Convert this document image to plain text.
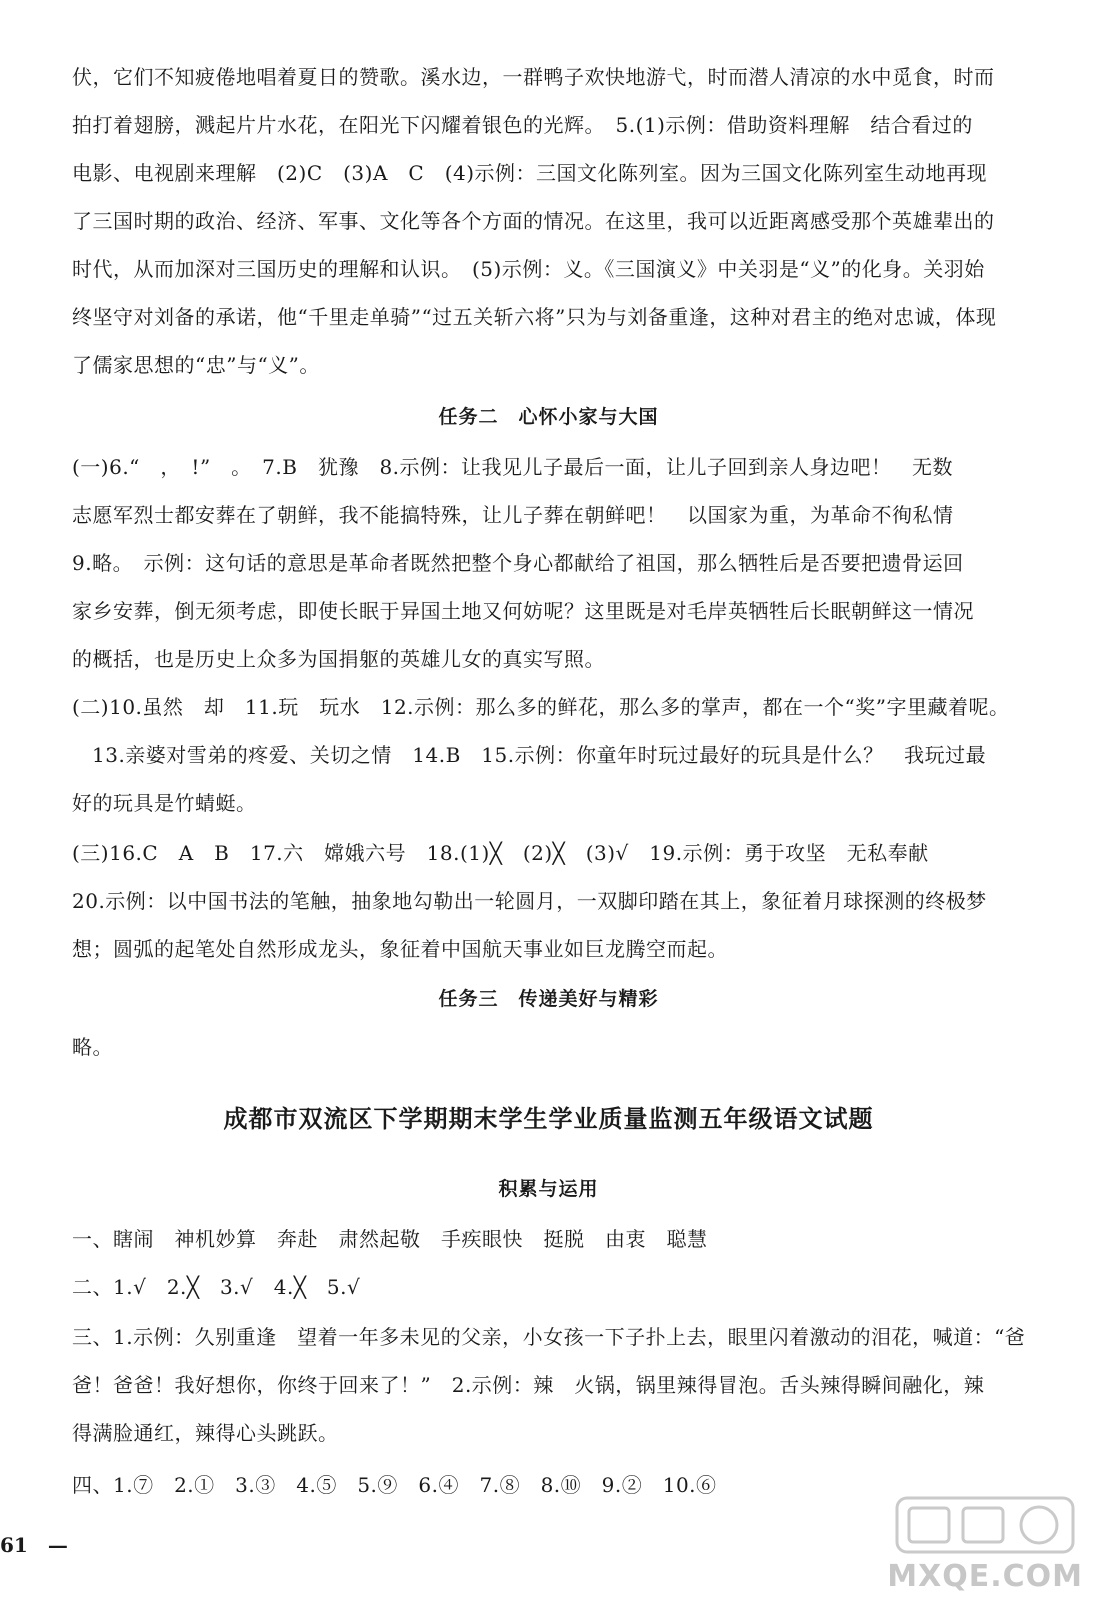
伏，它们不知疲倦地唱着夏日的赞歌。溪水边，一群鸭子欢快地游弋，时而潜人清凉的水中觅食，时而
拍打着翅膀，溅起片片水花，在阳光下闪耀着银色的光辉。　5.(1)示例：借助资料理解　结合看过的
电影、电视剧来理解　(2)C　(3)A　C　(4)示例：三国文化陈列室。因为三国文化陈列室生动地再现
了三国时期的政治、经济、军事、文化等各个方面的情况。在这里，我可以近距离感受那个英雄辈出的
时代，从而加深对三国历史的理解和认识。　(5)示例：义。《三国演义》中关羽是“义”的化身。关羽始
终坚守对刘备的承诺，他“千里走单骑”“过五关斩六将”只为与刘备重逢，这种对君主的绝对忠诚，体现
了儒家思想的“忠”与“义”。
任务二　心怀小家与大国
(一)6.“　，　!”　。　7.B　犹豫　8.示例：让我见儿子最后一面，让儿子回到亲人身边吧！　无数
志愿军烈士都安葬在了朝鲜，我不能搞特殊，让儿子葬在朝鲜吧！　以国家为重，为革命不徇私情
9.略。　示例：这句话的意思是革命者既然把整个身心都献给了祖国，那么牺牲后是否要把遗骨运回
家乡安葬，倒无须考虑，即使长眠于异国土地又何妨呢？这里既是对毛岸英牺牲后长眠朝鲜这一情况
的概括，也是历史上众多为国捐躯的英雄儿女的真实写照。
(二)10.虽然　却　11.玩　玩水　12.示例：那么多的鲜花，那么多的掌声，都在一个“奖”字里藏着呢。
13.亲婆对雪弟的疼爱、关切之情　14.B　15.示例：你童年时玩过最好的玩具是什么？　我玩过最
好的玩具是竹蜻蜓。
(三)16.C　A　B　17.六　嫦娥六号　18.(1)╳　(2)╳　(3)√　19.示例：勇于攻坚　无私奉献
20.示例：以中国书法的笔触，抽象地勾勒出一轮圆月，一双脚印踏在其上，象征着月球探测的终极梦
想；圆弧的起笔处自然形成龙头，象征着中国航天事业如巨龙腾空而起。
任务三　传递美好与精彩
略。
成都市双流区下学期期末学生学业质量监测五年级语文试题
积累与运用
一、瞎闹　神机妙算　奔赴　肃然起敬　手疾眼快　挺脱　由衷　聪慧
二、1.√　2.╳　3.√　4.╳　5.√
三、1.示例：久别重逢　望着一年多未见的父亲，小女孩一下子扑上去，眼里闪着激动的泪花，喊道：“爸
爸！爸爸！我好想你，你终于回来了！”　2.示例：辣　火锅，锅里辣得冒泡。舌头辣得瞬间融化，辣
得满脸通红，辣得心头跳跃。
四、1.⑦　2.①　3.③　4.⑤　5.⑨　6.④　7.⑧　8.⑩　9.②　10.⑥
61　—
MXQE.COM
